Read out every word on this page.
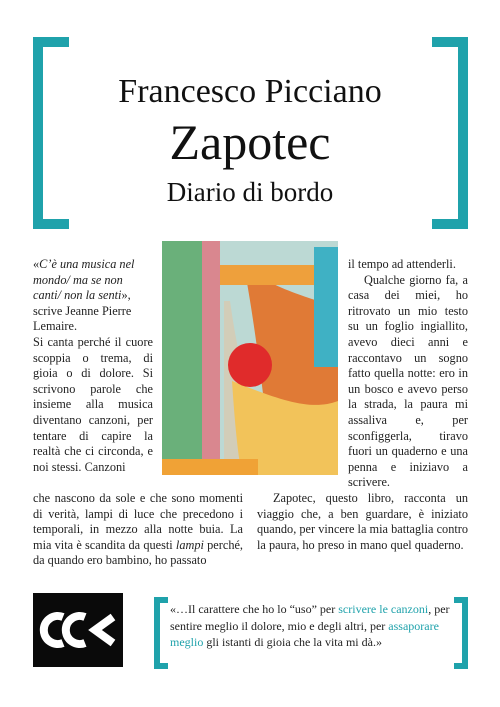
Francesco Picciano
Zapotec
Diario di bordo

«C’è una musica nel mondo/ ma se non canti/ non la senti», scrive Jeanne Pierre Lemaire.

Si canta perché il cuore scoppia o trema, di gioia o di dolore. Si scrivono parole che insieme alla musica diventano canzoni, per tentare di capire la realtà che ci circonda, e noi stessi. Canzoni

che nascono da sole e che sono momenti di verità, lampi di luce che precedono i temporali, in mezzo alla notte buia. La mia vita è scandita da questi lampi perché, da quando ero bambino, ho passato

il tempo ad attenderli.

Qualche giorno fa, a casa dei miei, ho ritrovato un mio testo su un foglio ingiallito, avevo dieci anni e raccontavo un sogno fatto quella notte: ero in un bosco e avevo perso la strada, la paura mi assaliva e, per sconfiggerla, tiravo fuori un quaderno e una penna e iniziavo a scrivere.

Zapotec, questo libro, racconta un viaggio che, a ben guardare, è iniziato quando, per vincere la mia battaglia contro la paura, ho preso in mano quel quaderno.

«…Il carattere che ho lo “uso” per scrivere le canzoni, per sentire meglio il dolore, mio e degli altri, per assaporare meglio gli istanti di gioia che la vita mi dà.»
